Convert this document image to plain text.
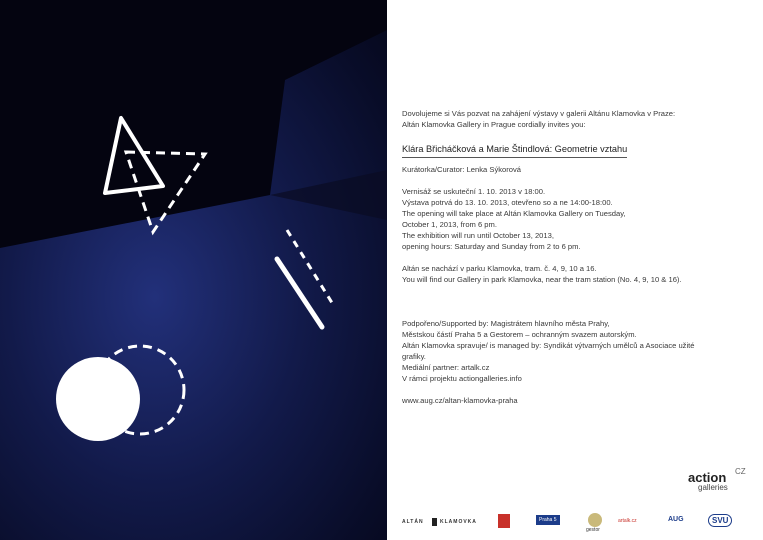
Dovolujeme si Vás pozvat na zahájení výstavy v galerii Altánu Klamovka v Praze:
Altán Klamovka Gallery in Prague cordially invites you:
Klára Břicháčková a Marie Štindlová: Geometrie vztahu
Kurátorka/Curator: Lenka Sýkorová
Vernisáž se uskuteční 1. 10. 2013 v 18:00.
Výstava potrvá do 13. 10. 2013, otevřeno so a ne 14:00-18:00.
The opening will take place at Altán Klamovka Gallery on Tuesday,
October 1, 2013, from 6 pm.
The exhibition will run until October 13, 2013,
opening hours: Saturday and Sunday from 2 to 6 pm.
Altán se nachází v parku Klamovka, tram. č. 4, 9, 10 a 16.
You will find our Gallery in park Klamovka, near the tram station (No. 4, 9, 10 & 16).
Podpořeno/Supported by: Magistrátem hlavního města Prahy,
Městskou částí Praha 5 a Gestorem – ochranným svazem autorským.
Altán Klamovka spravuje/ is managed by: Syndikát výtvarných umělců a Asociace užité
grafiky.
Mediální partner: artalk.cz
V rámci projektu actiongalleries.info
www.aug.cz/altan-klamovka-praha
action CZ
galleries
ALTÁN	KLAMOVKA	Praha 5
gestor
artalk.cz	AUG	SVU
